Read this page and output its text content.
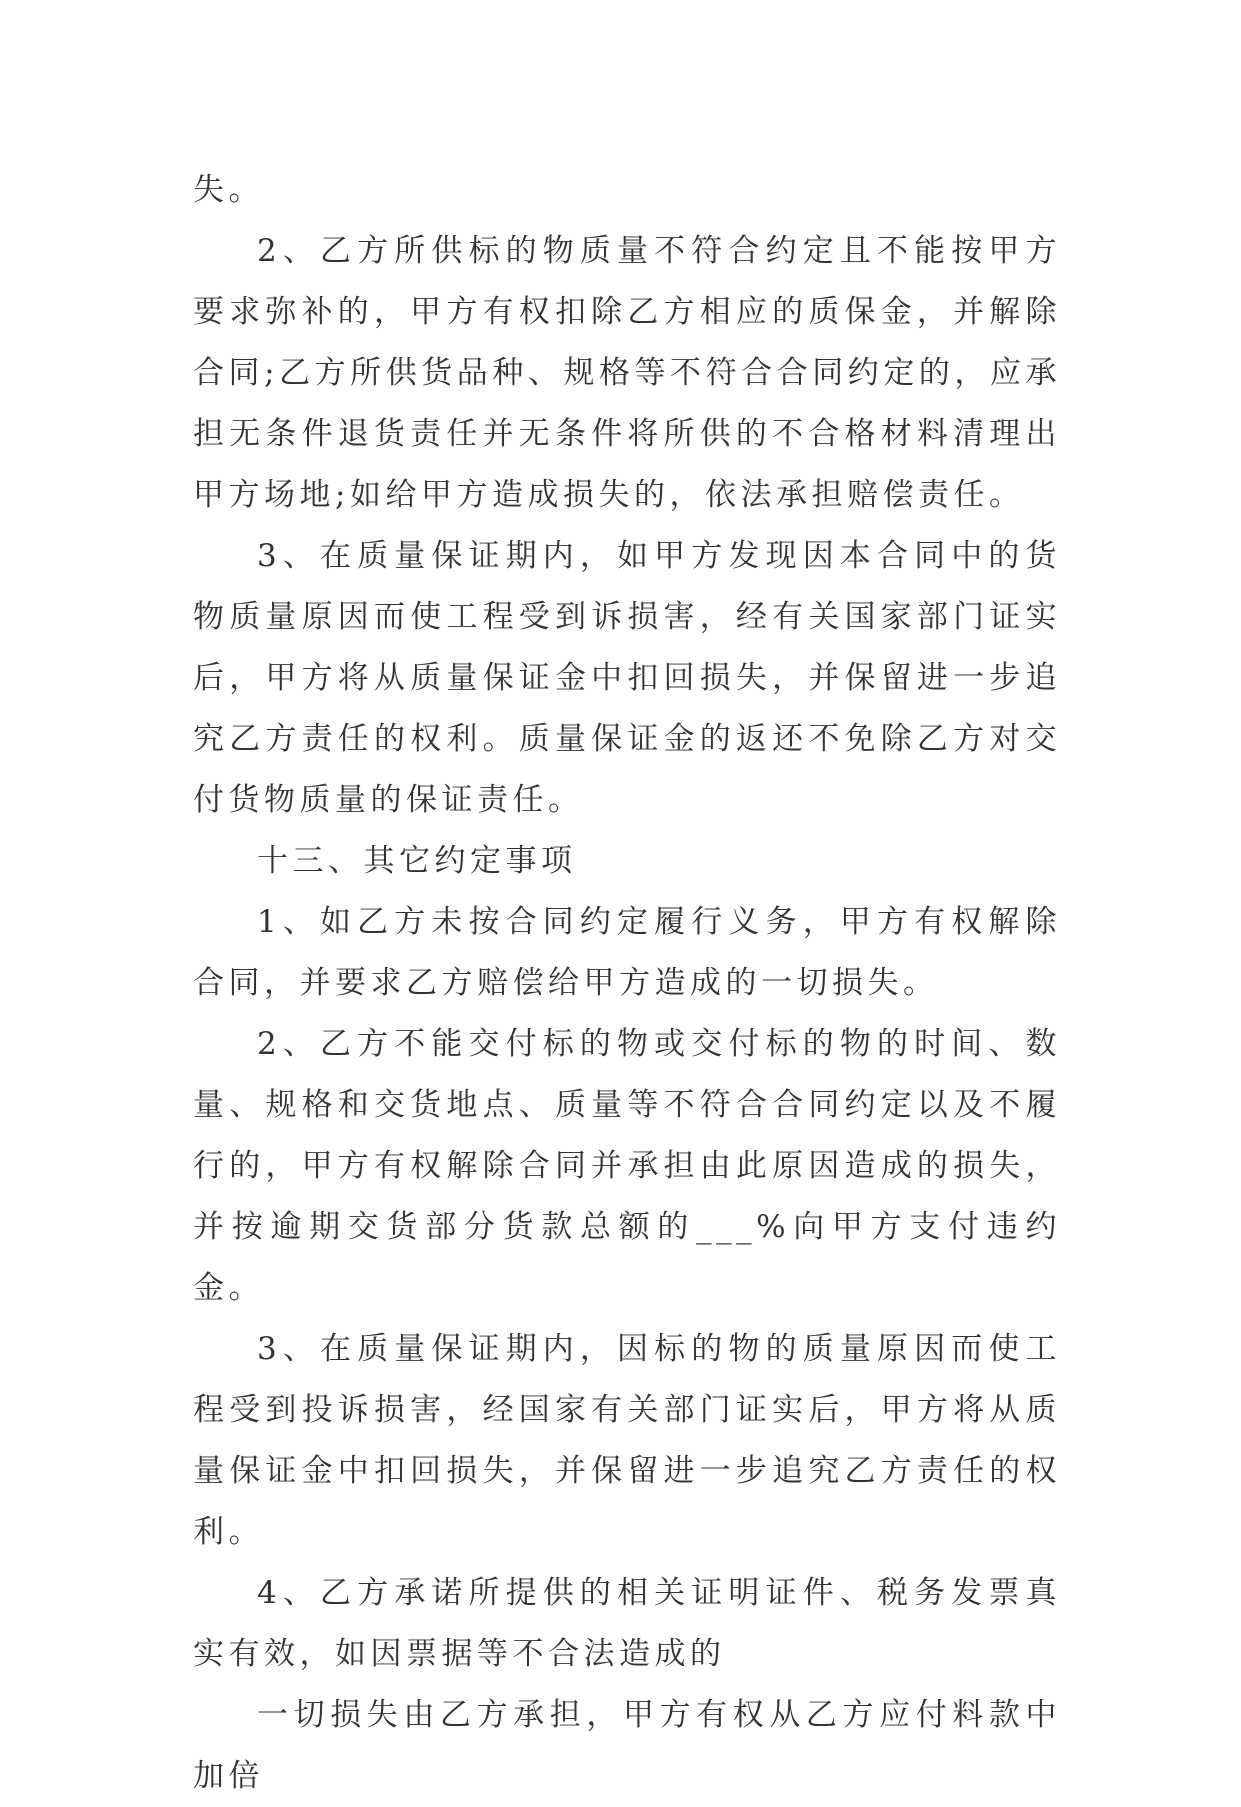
失。

2、乙方所供标的物质量不符合约定且不能按甲方要求弥补的，甲方有权扣除乙方相应的质保金，并解除合同;乙方所供货品种、规格等不符合合同约定的，应承担无条件退货责任并无条件将所供的不合格材料清理出甲方场地;如给甲方造成损失的，依法承担赔偿责任。

3、在质量保证期内，如甲方发现因本合同中的货物质量原因而使工程受到诉损害，经有关国家部门证实后，甲方将从质量保证金中扣回损失，并保留进一步追究乙方责任的权利。质量保证金的返还不免除乙方对交付货物质量的保证责任。

十三、其它约定事项

1、如乙方未按合同约定履行义务，甲方有权解除合同，并要求乙方赔偿给甲方造成的一切损失。

2、乙方不能交付标的物或交付标的物的时间、数量、规格和交货地点、质量等不符合合同约定以及不履行的，甲方有权解除合同并承担由此原因造成的损失，并按逾期交货部分货款总额的___%向甲方支付违约金。

3、在质量保证期内，因标的物的质量原因而使工程受到投诉损害，经国家有关部门证实后，甲方将从质量保证金中扣回损失，并保留进一步追究乙方责任的权利。

4、乙方承诺所提供的相关证明证件、税务发票真实有效，如因票据等不合法造成的

一切损失由乙方承担，甲方有权从乙方应付料款中加倍
